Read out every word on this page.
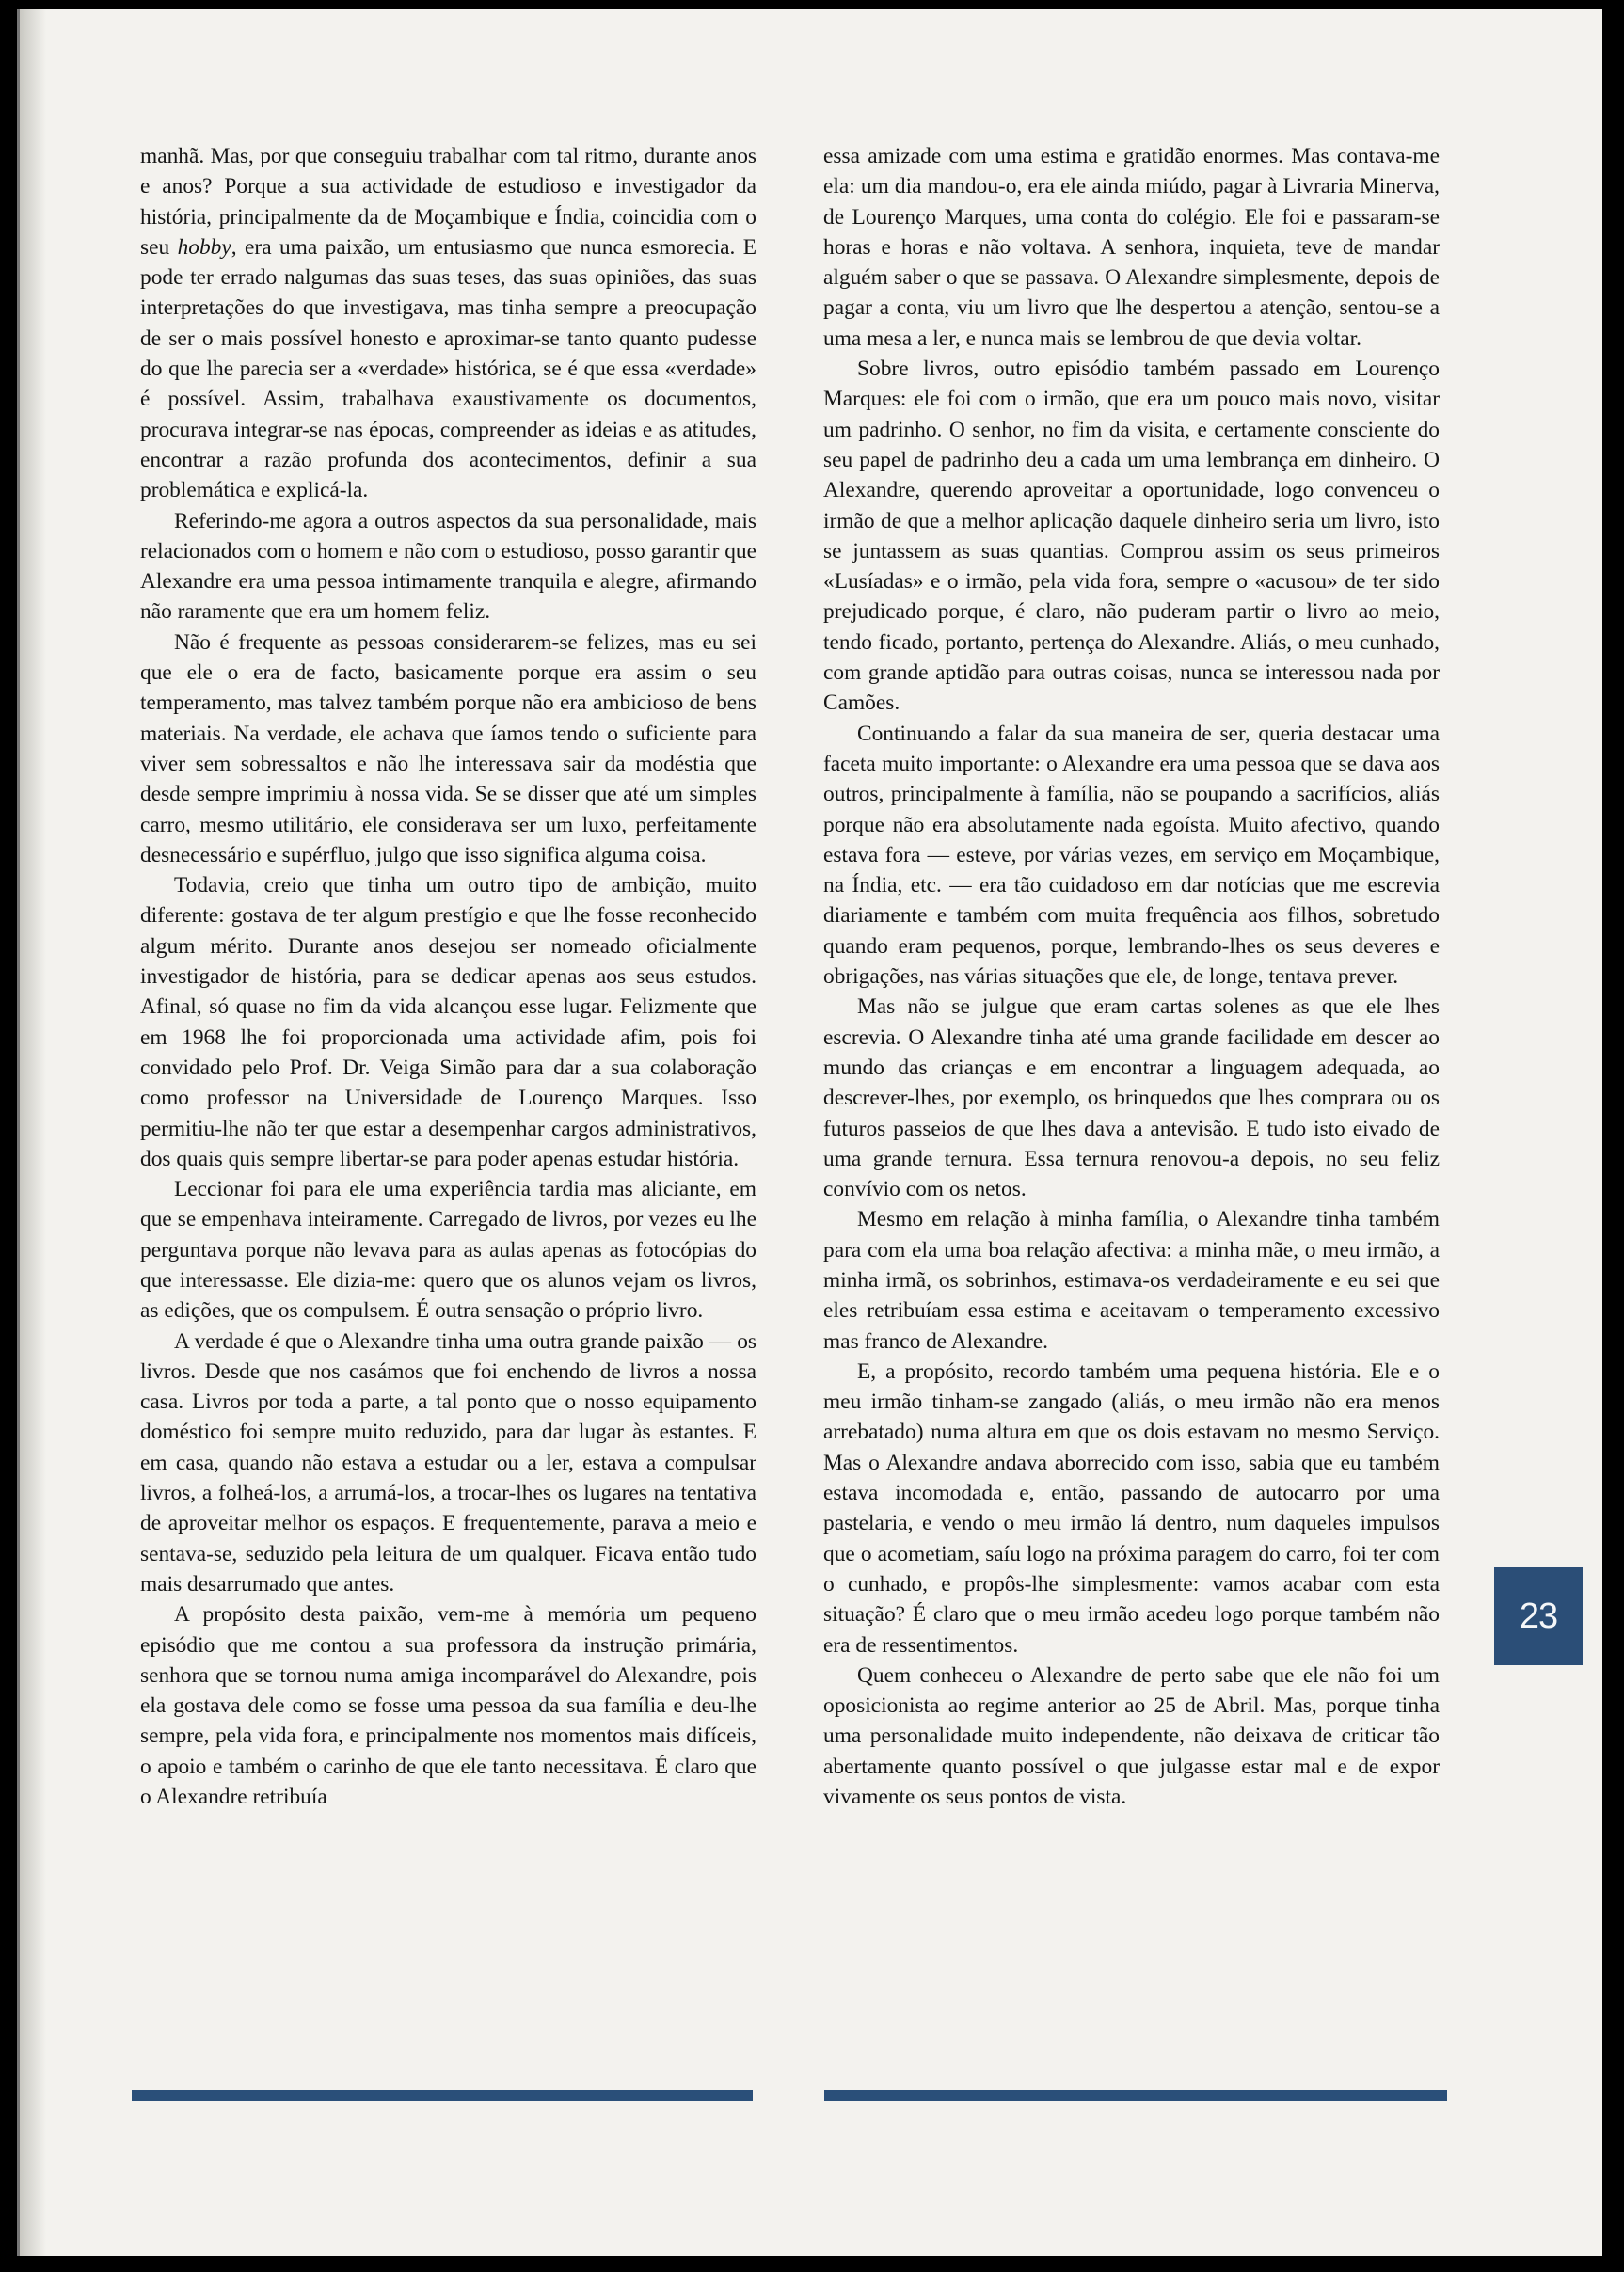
manhã. Mas, por que conseguiu trabalhar com tal ritmo, durante anos e anos? Porque a sua actividade de estudioso e investigador da história, principalmente da de Moçambique e Índia, coincidia com o seu hobby, era uma paixão, um entusiasmo que nunca esmorecia. E pode ter errado nalgumas das suas teses, das suas opiniões, das suas interpretações do que investigava, mas tinha sempre a preocupação de ser o mais possível honesto e aproximar-se tanto quanto pudesse do que lhe parecia ser a «verdade» histórica, se é que essa «verdade» é possível. Assim, trabalhava exaustivamente os documentos, procurava integrar-se nas épocas, compreender as ideias e as atitudes, encontrar a razão profunda dos acontecimentos, definir a sua problemática e explicá-la.

Referindo-me agora a outros aspectos da sua personalidade, mais relacionados com o homem e não com o estudioso, posso garantir que Alexandre era uma pessoa intimamente tranquila e alegre, afirmando não raramente que era um homem feliz.

Não é frequente as pessoas considerarem-se felizes, mas eu sei que ele o era de facto, basicamente porque era assim o seu temperamento, mas talvez também porque não era ambicioso de bens materiais. Na verdade, ele achava que íamos tendo o suficiente para viver sem sobressaltos e não lhe interessava sair da modéstia que desde sempre imprimiu à nossa vida. Se se disser que até um simples carro, mesmo utilitário, ele considerava ser um luxo, perfeitamente desnecessário e supérfluo, julgo que isso significa alguma coisa.

Todavia, creio que tinha um outro tipo de ambição, muito diferente: gostava de ter algum prestígio e que lhe fosse reconhecido algum mérito. Durante anos desejou ser nomeado oficialmente investigador de história, para se dedicar apenas aos seus estudos. Afinal, só quase no fim da vida alcançou esse lugar. Felizmente que em 1968 lhe foi proporcionada uma actividade afim, pois foi convidado pelo Prof. Dr. Veiga Simão para dar a sua colaboração como professor na Universidade de Lourenço Marques. Isso permitiu-lhe não ter que estar a desempenhar cargos administrativos, dos quais quis sempre libertar-se para poder apenas estudar história.

Leccionar foi para ele uma experiência tardia mas aliciante, em que se empenhava inteiramente. Carregado de livros, por vezes eu lhe perguntava porque não levava para as aulas apenas as fotocópias do que interessasse. Ele dizia-me: quero que os alunos vejam os livros, as edições, que os compulsem. É outra sensação o próprio livro.

A verdade é que o Alexandre tinha uma outra grande paixão — os livros. Desde que nos casámos que foi enchendo de livros a nossa casa. Livros por toda a parte, a tal ponto que o nosso equipamento doméstico foi sempre muito reduzido, para dar lugar às estantes. E em casa, quando não estava a estudar ou a ler, estava a compulsar livros, a folheá-los, a arrumá-los, a trocar-lhes os lugares na tentativa de aproveitar melhor os espaços. E frequentemente, parava a meio e sentava-se, seduzido pela leitura de um qualquer. Ficava então tudo mais desarrumado que antes.

A propósito desta paixão, vem-me à memória um pequeno episódio que me contou a sua professora da instrução primária, senhora que se tornou numa amiga incomparável do Alexandre, pois ela gostava dele como se fosse uma pessoa da sua família e deu-lhe sempre, pela vida fora, e principalmente nos momentos mais difíceis, o apoio e também o carinho de que ele tanto necessitava. É claro que o Alexandre retribuía

essa amizade com uma estima e gratidão enormes. Mas contava-me ela: um dia mandou-o, era ele ainda miúdo, pagar à Livraria Minerva, de Lourenço Marques, uma conta do colégio. Ele foi e passaram-se horas e horas e não voltava. A senhora, inquieta, teve de mandar alguém saber o que se passava. O Alexandre simplesmente, depois de pagar a conta, viu um livro que lhe despertou a atenção, sentou-se a uma mesa a ler, e nunca mais se lembrou de que devia voltar.

Sobre livros, outro episódio também passado em Lourenço Marques: ele foi com o irmão, que era um pouco mais novo, visitar um padrinho. O senhor, no fim da visita, e certamente consciente do seu papel de padrinho deu a cada um uma lembrança em dinheiro. O Alexandre, querendo aproveitar a oportunidade, logo convenceu o irmão de que a melhor aplicação daquele dinheiro seria um livro, isto se juntassem as suas quantias. Comprou assim os seus primeiros «Lusíadas» e o irmão, pela vida fora, sempre o «acusou» de ter sido prejudicado porque, é claro, não puderam partir o livro ao meio, tendo ficado, portanto, pertença do Alexandre. Aliás, o meu cunhado, com grande aptidão para outras coisas, nunca se interessou nada por Camões.

Continuando a falar da sua maneira de ser, queria destacar uma faceta muito importante: o Alexandre era uma pessoa que se dava aos outros, principalmente à família, não se poupando a sacrifícios, aliás porque não era absolutamente nada egoísta. Muito afectivo, quando estava fora — esteve, por várias vezes, em serviço em Moçambique, na Índia, etc. — era tão cuidadoso em dar notícias que me escrevia diariamente e também com muita frequência aos filhos, sobretudo quando eram pequenos, porque, lembrando-lhes os seus deveres e obrigações, nas várias situações que ele, de longe, tentava prever.

Mas não se julgue que eram cartas solenes as que ele lhes escrevia. O Alexandre tinha até uma grande facilidade em descer ao mundo das crianças e em encontrar a linguagem adequada, ao descrever-lhes, por exemplo, os brinquedos que lhes comprara ou os futuros passeios de que lhes dava a antevisão. E tudo isto eivado de uma grande ternura. Essa ternura renovou-a depois, no seu feliz convívio com os netos.

Mesmo em relação à minha família, o Alexandre tinha também para com ela uma boa relação afectiva: a minha mãe, o meu irmão, a minha irmã, os sobrinhos, estimava-os verdadeiramente e eu sei que eles retribuíam essa estima e aceitavam o temperamento excessivo mas franco de Alexandre.

E, a propósito, recordo também uma pequena história. Ele e o meu irmão tinham-se zangado (aliás, o meu irmão não era menos arrebatado) numa altura em que os dois estavam no mesmo Serviço. Mas o Alexandre andava aborrecido com isso, sabia que eu também estava incomodada e, então, passando de autocarro por uma pastelaria, e vendo o meu irmão lá dentro, num daqueles impulsos que o acometiam, saíu logo na próxima paragem do carro, foi ter com o cunhado, e propôs-lhe simplesmente: vamos acabar com esta situação? É claro que o meu irmão acedeu logo porque também não era de ressentimentos.

Quem conheceu o Alexandre de perto sabe que ele não foi um oposicionista ao regime anterior ao 25 de Abril. Mas, porque tinha uma personalidade muito independente, não deixava de criticar tão abertamente quanto possível o que julgasse estar mal e de expor vivamente os seus pontos de vista.

23
